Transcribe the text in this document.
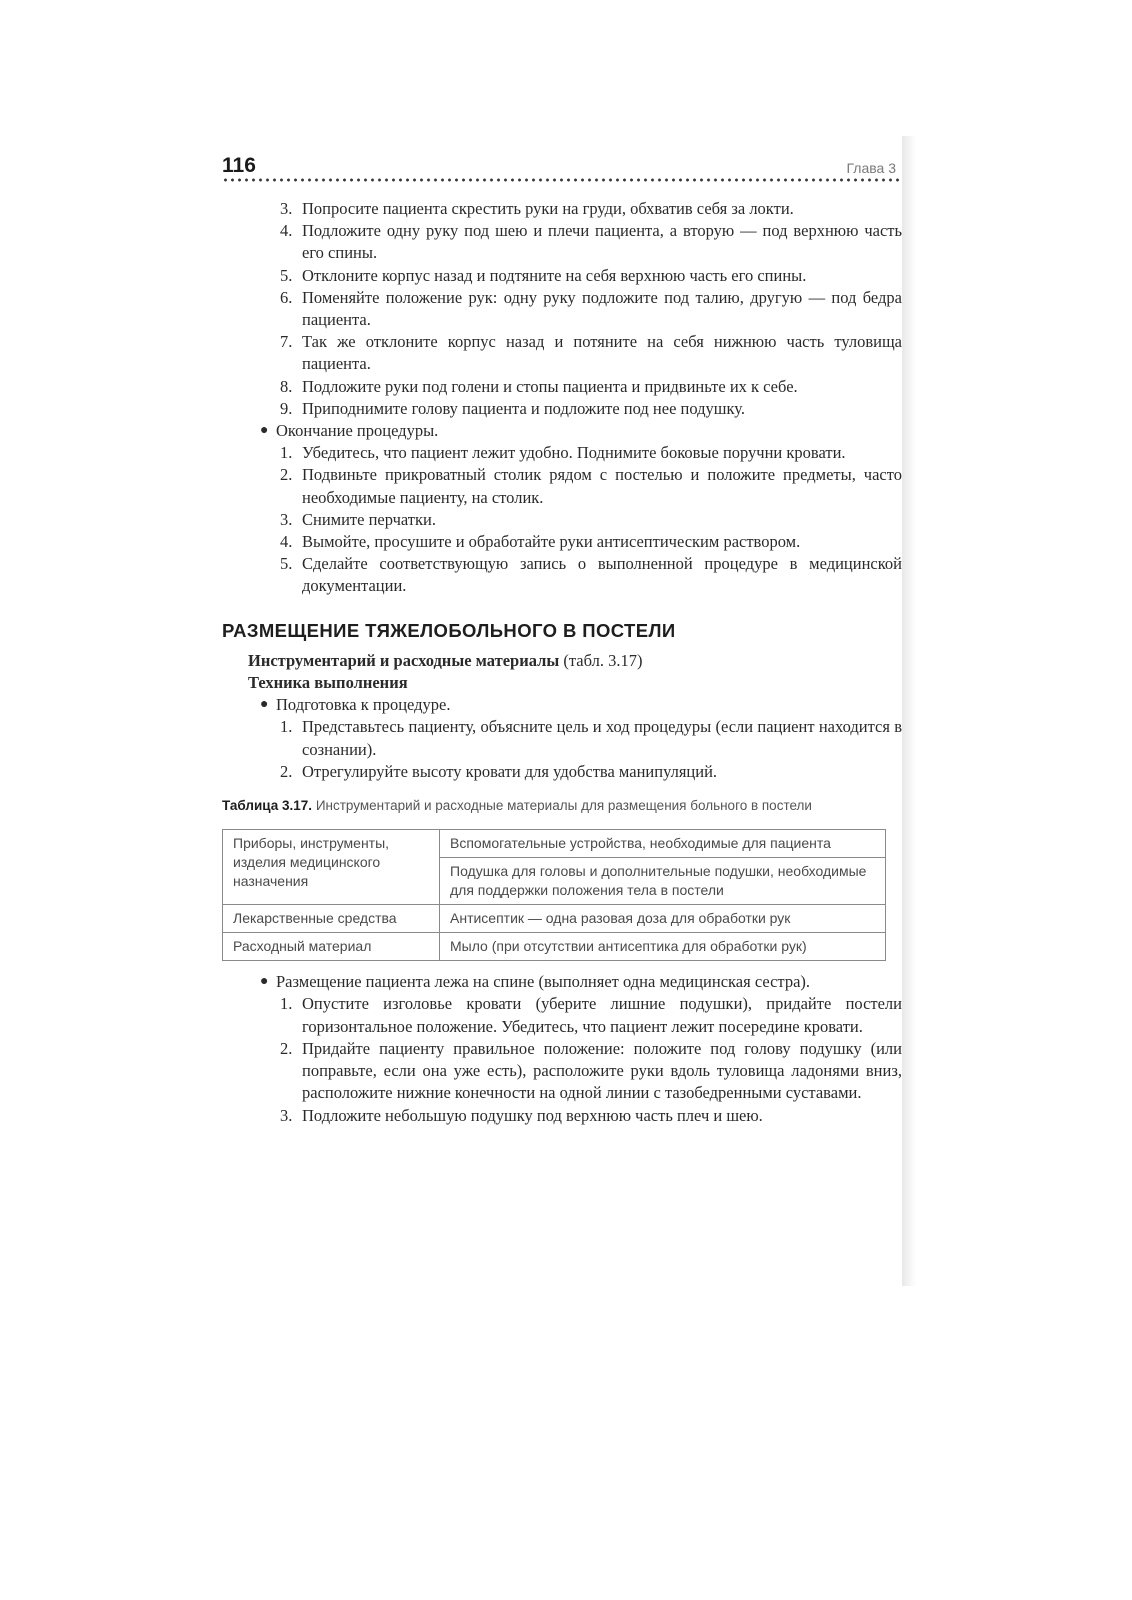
116	Глава 3
3. Попросите пациента скрестить руки на груди, обхватив себя за локти.
4. Подложите одну руку под шею и плечи пациента, а вторую — под верхнюю часть его спины.
5. Отклоните корпус назад и подтяните на себя верхнюю часть его спины.
6. Поменяйте положение рук: одну руку подложите под талию, другую — под бедра пациента.
7. Так же отклоните корпус назад и потяните на себя нижнюю часть туловища пациента.
8. Подложите руки под голени и стопы пациента и придвиньте их к себе.
9. Приподнимите голову пациента и подложите под нее подушку.
● Окончание процедуры.
1. Убедитесь, что пациент лежит удобно. Поднимите боковые поручни кровати.
2. Подвиньте прикроватный столик рядом с постелью и положите предметы, часто необходимые пациенту, на столик.
3. Снимите перчатки.
4. Вымойте, просушите и обработайте руки антисептическим раствором.
5. Сделайте соответствующую запись о выполненной процедуре в медицинской документации.
РАЗМЕЩЕНИЕ ТЯЖЕЛОБОЛЬНОГО В ПОСТЕЛИ
Инструментарий и расходные материалы (табл. 3.17)
Техника выполнения
● Подготовка к процедуре.
1. Представьтесь пациенту, объясните цель и ход процедуры (если пациент находится в сознании).
2. Отрегулируйте высоту кровати для удобства манипуляций.
Таблица 3.17. Инструментарий и расходные материалы для размещения больного в постели
Приборы, инструменты, изделия медицинского назначения	Вспомогательные устройства, необходимые для пациента
	Подушка для головы и дополнительные подушки, необходимые для поддержки положения тела в постели
Лекарственные средства	Антисептик — одна разовая доза для обработки рук
Расходный материал	Мыло (при отсутствии антисептика для обработки рук)
● Размещение пациента лежа на спине (выполняет одна медицинская сестра).
1. Опустите изголовье кровати (уберите лишние подушки), придайте постели горизонтальное положение. Убедитесь, что пациент лежит посередине кровати.
2. Придайте пациенту правильное положение: положите под голову подушку (или поправьте, если она уже есть), расположите руки вдоль туловища ладонями вниз, расположите нижние конечности на одной линии с тазобедренными суставами.
3. Подложите небольшую подушку под верхнюю часть плеч и шею.
